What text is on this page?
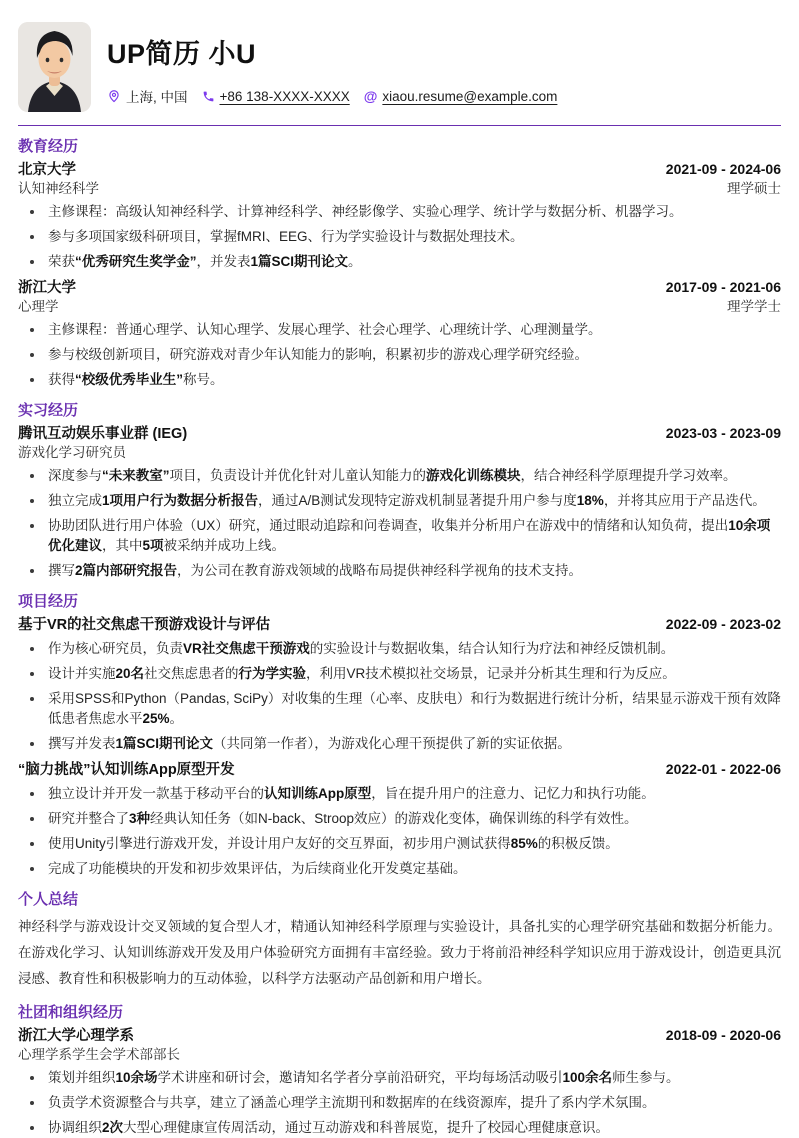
UP简历 小U
上海, 中国 +86 138-XXXX-XXXX @ xiaou.resume@example.com
教育经历
北京大学	2021-09 - 2024-06
认知神经科学	理学硕士
主修课程：高级认知神经科学、计算神经科学、神经影像学、实验心理学、统计学与数据分析、机器学习。
参与多项国家级科研项目，掌握fMRI、EEG、行为学实验设计与数据处理技术。
荣获“优秀研究生奖学金”，并发表1篇SCI期刊论文。
浙江大学	2017-09 - 2021-06
心理学	理学学士
主修课程：普通心理学、认知心理学、发展心理学、社会心理学、心理统计学、心理测量学。
参与校级创新项目，研究游戏对青少年认知能力的影响，积累初步的游戏心理学研究经验。
获得“校级优秀毕业生”称号。
实习经历
腾讯互动娱乐事业群 (IEG)	2023-03 - 2023-09
游戏化学习研究员
深度参与“未来教室”项目，负责设计并优化针对儿童认知能力的游戏化训练模块，结合神经科学原理提升学习效率。
独立完成1项用户行为数据分析报告，通过A/B测试发现特定游戏机制显著提升用户参与度18%，并将其应用于产品迭代。
协助团队进行用户体验（UX）研究，通过眼动追踪和问卷调查，收集并分析用户在游戏中的情绪和认知负荷，提出10余项优化建议，其中5项被采纳并成功上线。
撰写2篇内部研究报告，为公司在教育游戏领域的战略布局提供神经科学视角的技术支持。
项目经历
基于VR的社交焦虑干预游戏设计与评估	2022-09 - 2023-02
作为核心研究员，负责VR社交焦虑干预游戏的实验设计与数据收集，结合认知行为疗法和神经反馈机制。
设计并实施20名社交焦虑患者的行为学实验，利用VR技术模拟社交场景，记录并分析其生理和行为反应。
采用SPSS和Python（Pandas, SciPy）对收集的生理（心率、皮肤电）和行为数据进行统计分析，结果显示游戏干预有效降低患者焦虑水平25%。
撰写并发表1篇SCI期刊论文（共同第一作者），为游戏化心理干预提供了新的实证依据。
“脑力挑战”认知训练App原型开发	2022-01 - 2022-06
独立设计并开发一款基于移动平台的认知训练App原型，旨在提升用户的注意力、记忆力和执行功能。
研究并整合了3种经典认知任务（如N-back、Stroop效应）的游戏化变体，确保训练的科学有效性。
使用Unity引擎进行游戏开发，并设计用户友好的交互界面，初步用户测试获得85%的积极反馈。
完成了功能模块的开发和初步效果评估，为后续商业化开发奠定基础。
个人总结
神经科学与游戏设计交叉领域的复合型人才，精通认知神经科学原理与实验设计，具备扎实的心理学研究基础和数据分析能力。在游戏化学习、认知训练游戏开发及用户体验研究方面拥有丰富经验。致力于将前沿神经科学知识应用于游戏设计，创造更具沉浸感、教育性和积极影响力的互动体验，以科学方法驱动产品创新和用户增长。
社团和组织经历
浙江大学心理学系	2018-09 - 2020-06
心理学系学生会学术部部长
策划并组织10余场学术讲座和研讨会，邀请知名学者分享前沿研究，平均每场活动吸引100余名师生参与。
负责学术资源整合与共享，建立了涵盖心理学主流期刊和数据库的在线资源库，提升了系内学术氛围。
协调组织2次大型心理健康宣传周活动，通过互动游戏和科普展览，提升了校园心理健康意识。
